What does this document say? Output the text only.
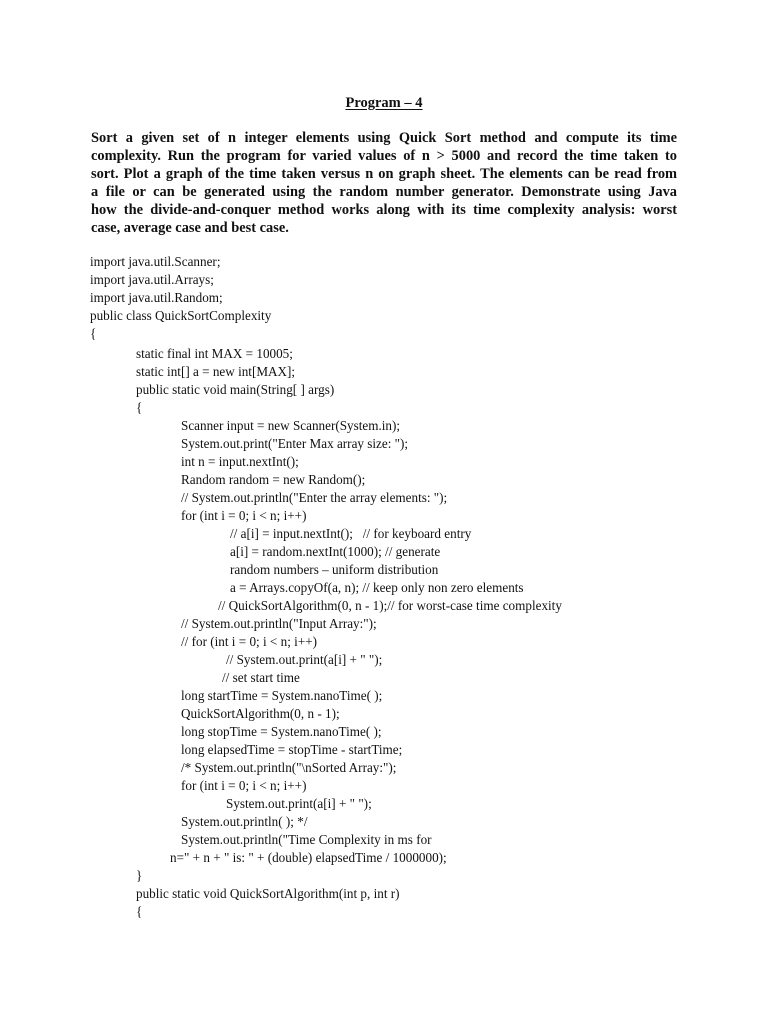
Program – 4
Sort a given set of n integer elements using Quick Sort method and compute its time
complexity. Run the program for varied values of n > 5000 and record the time taken to
sort. Plot a graph of the time taken versus n on graph sheet. The elements can be read from
a file or can be generated using the random number generator. Demonstrate using Java
how the divide-and-conquer method works along with its time complexity analysis: worst
case, average case and best case.
import java.util.Scanner;
import java.util.Arrays;
import java.util.Random;
public class QuickSortComplexity
{
static final int MAX = 10005;
static int[] a = new int[MAX];
public static void main(String[ ] args)
{
Scanner input = new Scanner(System.in);
System.out.print("Enter Max array size: ");
int n = input.nextInt();
Random random = new Random();
// System.out.println("Enter the array elements: ");
for (int i = 0; i < n; i++)
// a[i] = input.nextInt();   // for keyboard entry
a[i] = random.nextInt(1000); // generate
random numbers – uniform distribution
a = Arrays.copyOf(a, n); // keep only non zero elements
// QuickSortAlgorithm(0, n - 1);// for worst-case time complexity
// System.out.println("Input Array:");
// for (int i = 0; i < n; i++)
// System.out.print(a[i] + " ");
// set start time
long startTime = System.nanoTime( );
QuickSortAlgorithm(0, n - 1);
long stopTime = System.nanoTime( );
long elapsedTime = stopTime - startTime;
/* System.out.println("\nSorted Array:");
for (int i = 0; i < n; i++)
System.out.print(a[i] + " ");
System.out.println( ); */
System.out.println("Time Complexity in ms for
n=" + n + " is: " + (double) elapsedTime / 1000000);
}
public static void QuickSortAlgorithm(int p, int r)
{
